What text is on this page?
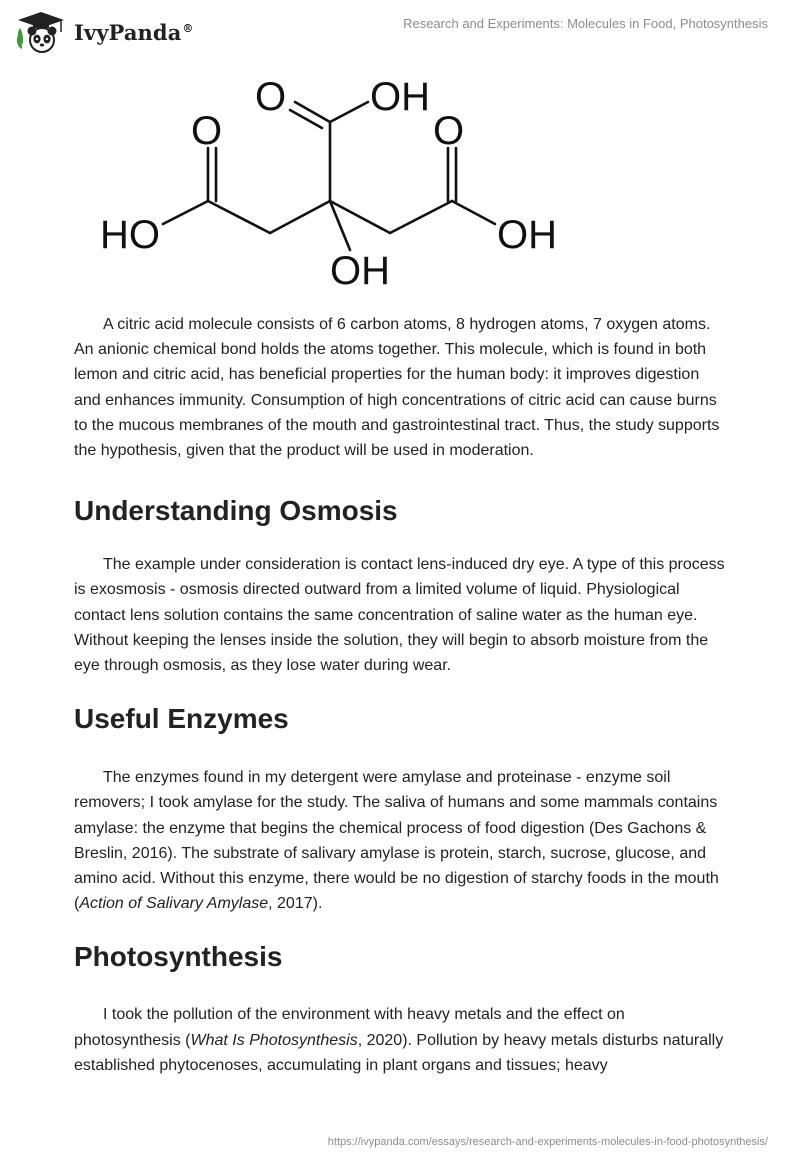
IvyPanda®	Research and Experiments: Molecules in Food, Photosynthesis
O OH
O	O
HO	OH
OH

A citric acid molecule consists of 6 carbon atoms, 8 hydrogen atoms, 7 oxygen atoms. An anionic chemical bond holds the atoms together. This molecule, which is found in both lemon and citric acid, has beneficial properties for the human body: it improves digestion and enhances immunity. Consumption of high concentrations of citric acid can cause burns to the mucous membranes of the mouth and gastrointestinal tract. Thus, the study supports the hypothesis, given that the product will be used in moderation.

Understanding Osmosis

The example under consideration is contact lens-induced dry eye. A type of this process is exosmosis - osmosis directed outward from a limited volume of liquid. Physiological contact lens solution contains the same concentration of saline water as the human eye. Without keeping the lenses inside the solution, they will begin to absorb moisture from the eye through osmosis, as they lose water during wear.

Useful Enzymes

The enzymes found in my detergent were amylase and proteinase - enzyme soil removers; I took amylase for the study. The saliva of humans and some mammals contains amylase: the enzyme that begins the chemical process of food digestion (Des Gachons & Breslin, 2016). The substrate of salivary amylase is protein, starch, sucrose, glucose, and amino acid. Without this enzyme, there would be no digestion of starchy foods in the mouth (Action of Salivary Amylase, 2017).

Photosynthesis

I took the pollution of the environment with heavy metals and the effect on photosynthesis (What Is Photosynthesis, 2020). Pollution by heavy metals disturbs naturally established phytocenoses, accumulating in plant organs and tissues; heavy

https://ivypanda.com/essays/research-and-experiments-molecules-in-food-photosynthesis/
